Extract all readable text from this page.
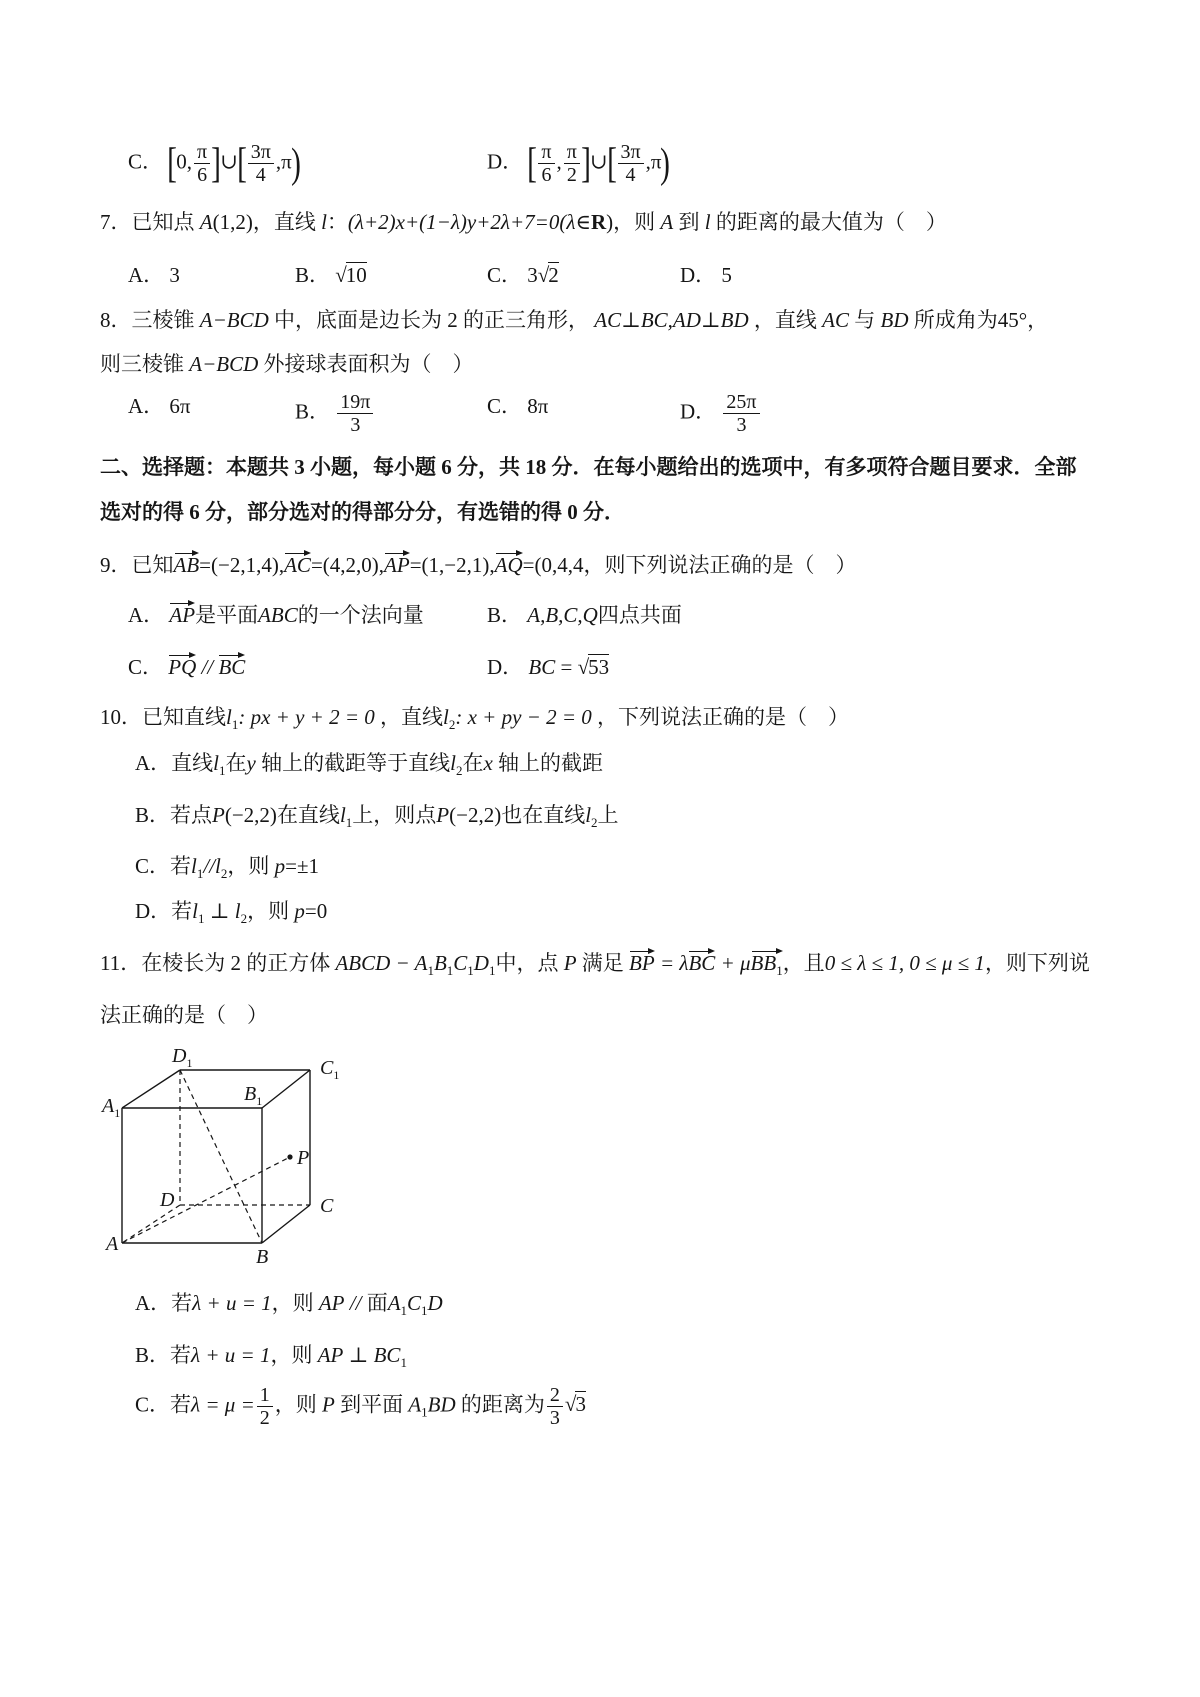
C． [0, $\frac{\pi}{6}$ ]∪[ $\frac{3\pi}{4} ,\pi$)	D． [ $\frac{\pi}{6}$ , $\frac{\pi}{2}$ ]∪[ $\frac{3\pi}{4} ,\pi$)
7．已知点 A(1,2)，直线 l：(λ+2)x+(1−λ)y+2λ+7=0(λ∈R)，则 A 到 l 的距离的最大值为（　）
A． 3	B． √10	C． 3√2	D． 5
8．三棱锥 A−BCD 中，底面是边长为 2 的正三角形， AC⊥BC,AD⊥BD ，直线 AC 与 BD 所成角为45°，
则三棱锥 A−BCD 外接球表面积为（　）
A． 6π	B． $\frac{19\pi}{3}$	C． 8π	D． $\frac{25\pi}{3}$
二、选择题：本题共 3 小题，每小题 6 分，共 18 分．在每小题给出的选项中，有多项符合题目要求．全部
选对的得 6 分，部分选对的得部分分，有选错的得 0 分．
9．已知AB=(−2,1,4),AC=(4,2,0),AP=(1,−2,1),AQ=(0,4,4，则下列说法正确的是（　）
A． AP是平面ABC的一个法向量	B． A,B,C,Q四点共面
C． PQ // BC	D． BC = √53
10．已知直线$l_1$: px + y + 2 = 0 ，直线$l_2$: x + py − 2 = 0 ，下列说法正确的是（　）
A．直线$l_1$在y 轴上的截距等于直线$l_2$在x 轴上的截距
B．若点P(−2,2)在直线$l_1$上，则点P(−2,2)也在直线$l_2$上
C．若$l_1//l_2$，则 p=±1
D．若$l_1$ ⊥ $l_2$，则 p=0
11．在棱长为 2 的正方体 ABCD − $A_1B_1C_1D_1$中，点 P 满足 BP = λBC + μBB$_1$，且0 ≤ λ ≤ 1, 0 ≤ μ ≤ 1，则下列说
法正确的是（　）
$D_1$	$C_1$
$A_1$
$B_1$
A
B
C
D
P
A．若λ + u = 1，则 AP // 面$A_1C_1D$
B．若λ + u = 1，则 AP ⊥ $BC_1$
C．若$\lambda = \mu = \frac{1}{2}$ ，则 P 到平面 $A_1BD$ 的距离为 $\frac{2}{3} √3$
